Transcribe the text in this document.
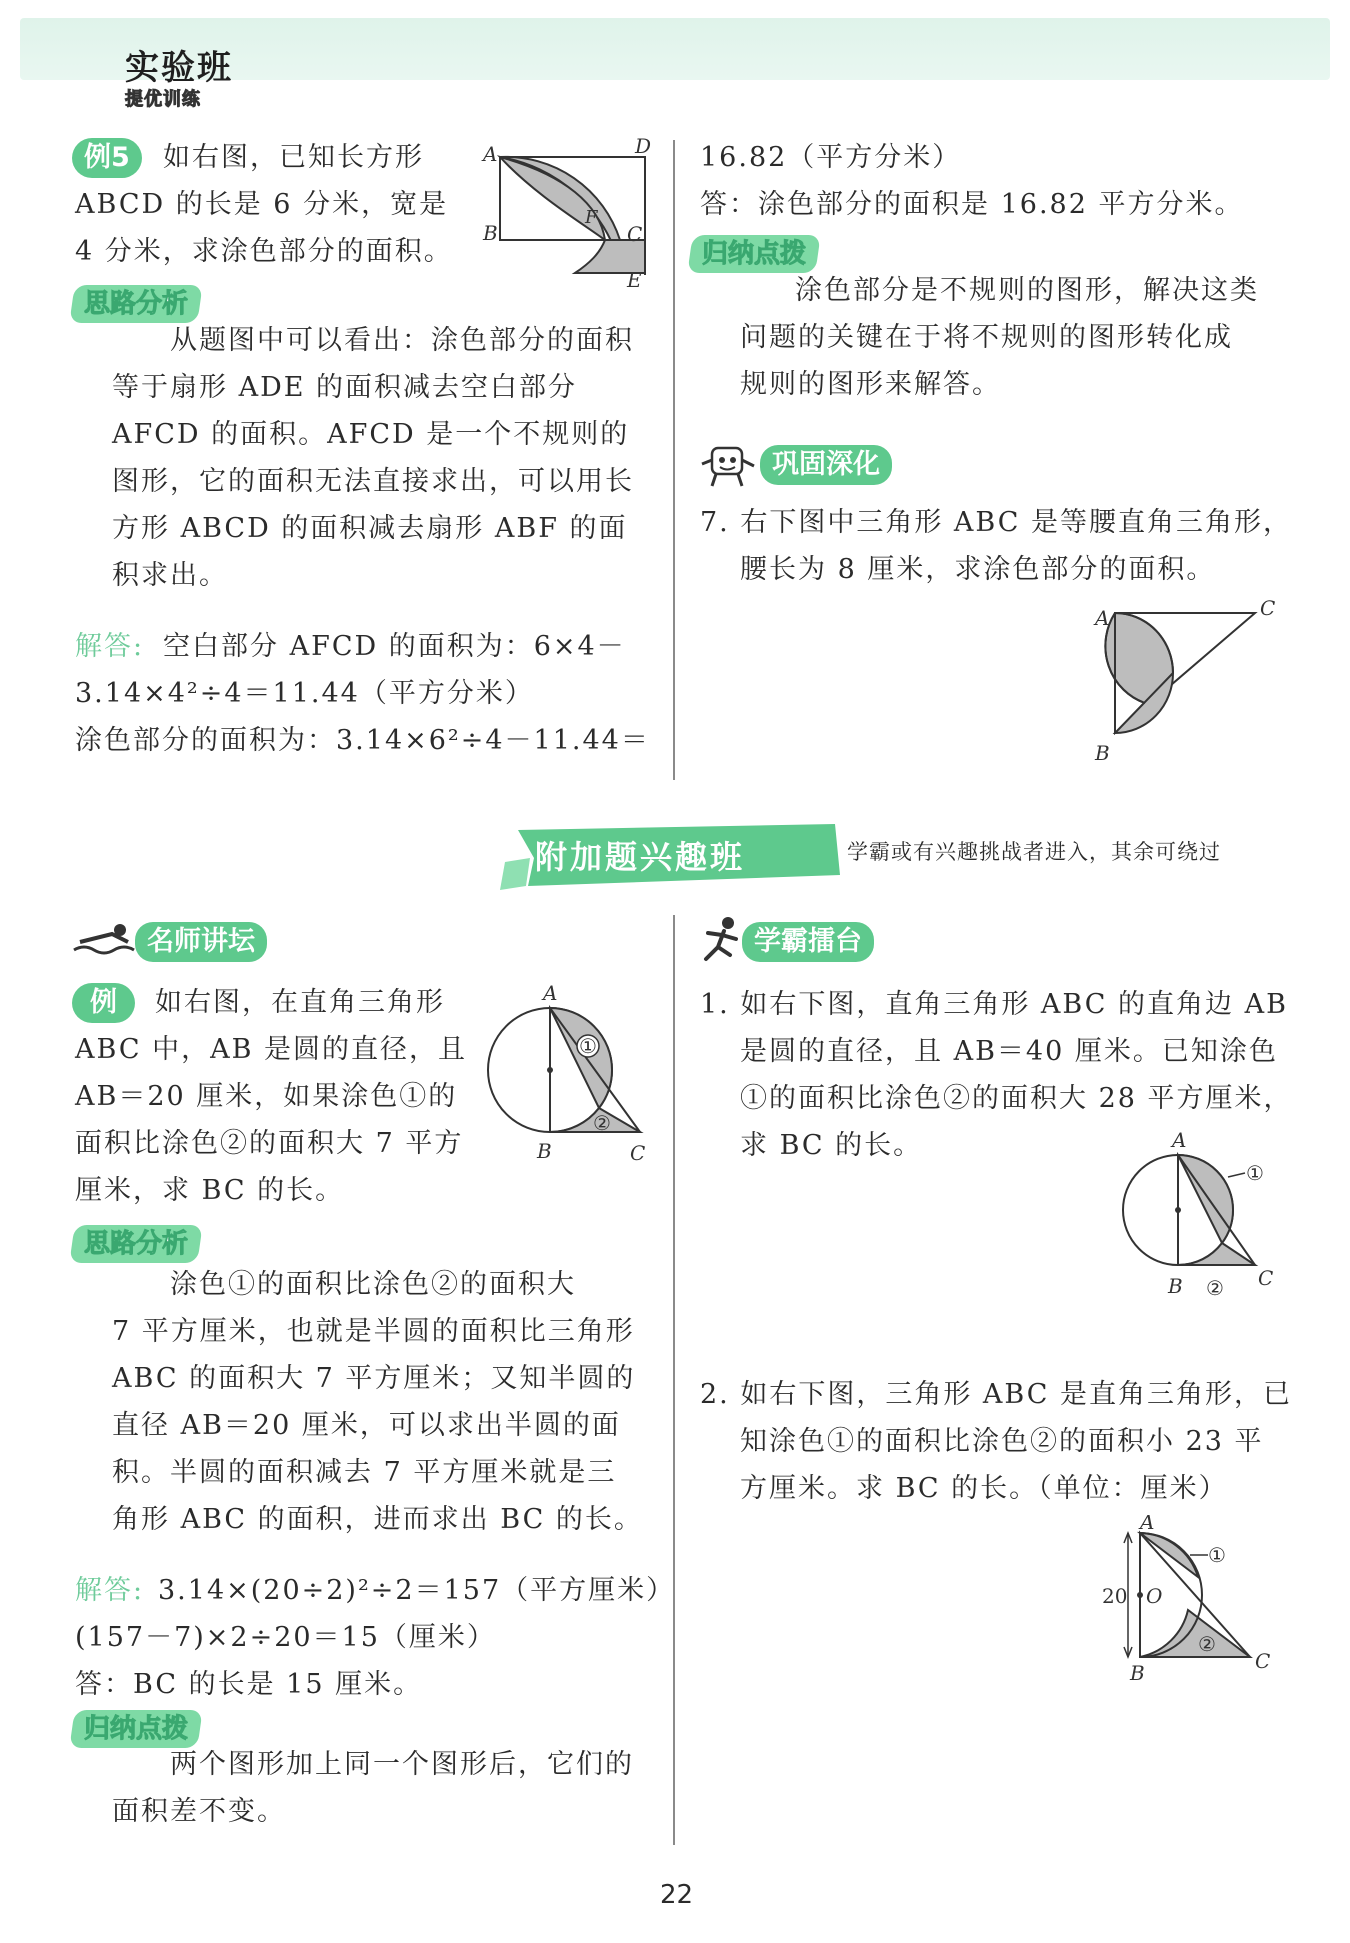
实验班
提优训练
例5	如右图，已知长方形
ABCD 的长是 6 分米，宽是
4 分米，求涂色部分的面积。
A	D
B
F
C
E
思路分析
从题图中可以看出：涂色部分的面积
等于扇形 ADE 的面积减去空白部分
AFCD 的面积。AFCD 是一个不规则的
图形，它的面积无法直接求出，可以用长
方形 ABCD 的面积减去扇形 ABF 的面
积求出。
解答: 空白部分 AFCD 的面积为：6×4－
3.14×4²÷4＝11.44（平方分米）
涂色部分的面积为：3.14×6²÷4－11.44＝
16.82（平方分米）
答：涂色部分的面积是 16.82 平方分米。
归纳点拨
涂色部分是不规则的图形，解决这类
问题的关键在于将不规则的图形转化成
规则的图形来解答。
巩固深化
7. 右下图中三角形 ABC 是等腰直角三角形，
腰长为 8 厘米，求涂色部分的面积。
A
B
C
附加题兴趣班	学霸或有兴趣挑战者进入，其余可绕过
名师讲坛
例	如右图，在直角三角形
ABC 中，AB 是圆的直径，且
AB＝20 厘米，如果涂色①的
面积比涂色②的面积大 7 平方
厘米，求 BC 的长。
①
②
A
B	C
思路分析
涂色①的面积比涂色②的面积大
7 平方厘米，也就是半圆的面积比三角形
ABC 的面积大 7 平方厘米；又知半圆的
直径 AB＝20 厘米，可以求出半圆的面
积。半圆的面积减去 7 平方厘米就是三
角形 ABC 的面积，进而求出 BC 的长。
解答: 3.14×(20÷2)²÷2＝157（平方厘米）
(157－7)×2÷20＝15（厘米）
答：BC 的长是 15 厘米。
归纳点拨
两个图形加上同一个图形后，它们的
面积差不变。
学霸擂台
1. 如右下图，直角三角形 ABC 的直角边 AB
是圆的直径，且 AB＝40 厘米。已知涂色
①的面积比涂色②的面积大 28 平方厘米，
求 BC 的长。
①
②
A
B	C
2. 如右下图，三角形 ABC 是直角三角形，已
知涂色①的面积比涂色②的面积小 23 平
方厘米。求 BC 的长。（单位：厘米）
①
②
20 O
A
B	C
22
